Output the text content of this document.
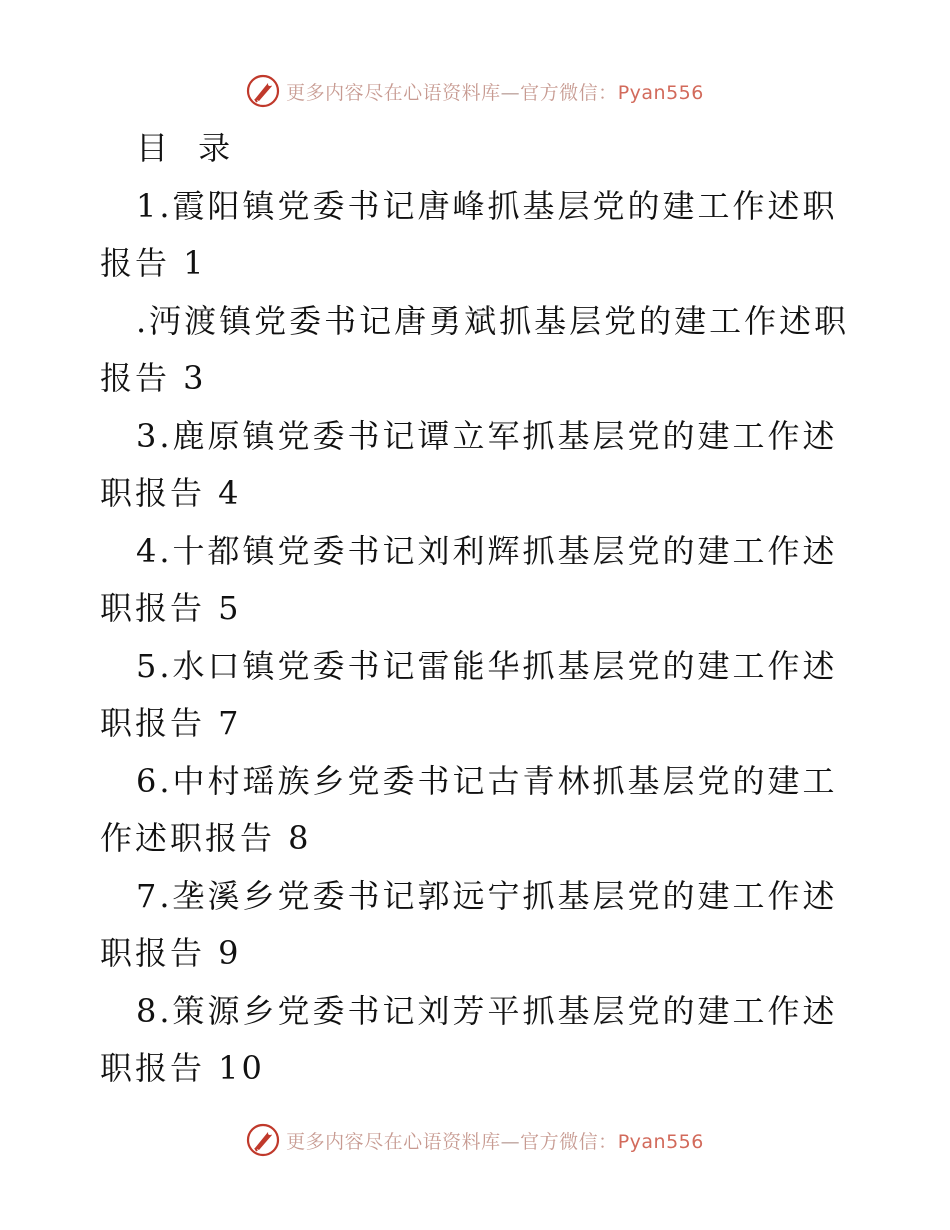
更多内容尽在心语资料库—官方微信：Pyan556
目 录

1.霞阳镇党委书记唐峰抓基层党的建工作述职报告 1

.沔渡镇党委书记唐勇斌抓基层党的建工作述职报告 3

3.鹿原镇党委书记谭立军抓基层党的建工作述职报告 4

4.十都镇党委书记刘利辉抓基层党的建工作述职报告 5

5.水口镇党委书记雷能华抓基层党的建工作述职报告 7

6.中村瑶族乡党委书记古青林抓基层党的建工作述职报告 8

7.垄溪乡党委书记郭远宁抓基层党的建工作述职报告 9

8.策源乡党委书记刘芳平抓基层党的建工作述职报告 10

更多内容尽在心语资料库—官方微信：Pyan556
